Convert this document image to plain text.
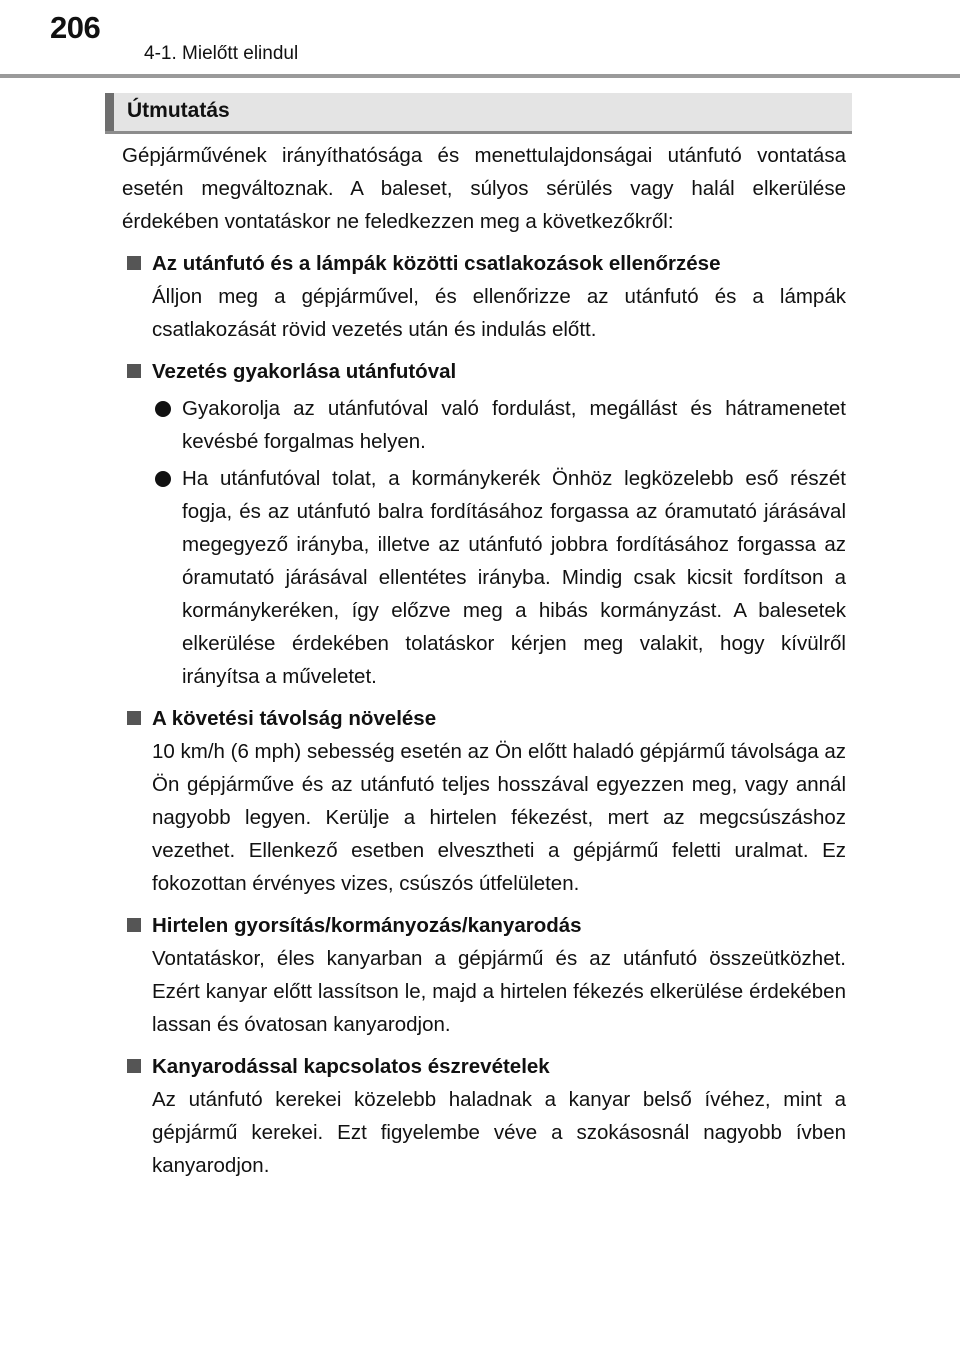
206
4-1. Mielőtt elindul
Útmutatás

Gépjárművének irányíthatósága és menettulajdonságai utánfutó vontatása esetén megváltoznak. A baleset, súlyos sérülés vagy halál elkerülése érdekében vontatáskor ne feledkezzen meg a következőkről:

Az utánfutó és a lámpák közötti csatlakozások ellenőrzése

Álljon meg a gépjárművel, és ellenőrizze az utánfutó és a lámpák csatlakozását rövid vezetés után és indulás előtt.

Vezetés gyakorlása utánfutóval

Gyakorolja az utánfutóval való fordulást, megállást és hátramenetet kevésbé forgalmas helyen.

Ha utánfutóval tolat, a kormánykerék Önhöz legközelebb eső részét fogja, és az utánfutó balra fordításához forgassa az óramutató járásával megegyező irányba, illetve az utánfutó jobbra fordításához forgassa az óramutató járásával ellentétes irányba. Mindig csak kicsit fordítson a kormánykeréken, így előzve meg a hibás kormányzást. A balesetek elkerülése érdekében tolatáskor kérjen meg valakit, hogy kívülről irányítsa a műveletet.

A követési távolság növelése

10 km/h (6 mph) sebesség esetén az Ön előtt haladó gépjármű távolsága az Ön gépjárműve és az utánfutó teljes hosszával egyezzen meg, vagy annál nagyobb legyen. Kerülje a hirtelen fékezést, mert az megcsúszáshoz vezethet. Ellenkező esetben elvesztheti a gépjármű feletti uralmat. Ez fokozottan érvényes vizes, csúszós útfelületen.

Hirtelen gyorsítás/kormányozás/kanyarodás

Vontatáskor, éles kanyarban a gépjármű és az utánfutó összeütközhet. Ezért kanyar előtt lassítson le, majd a hirtelen fékezés elkerülése érdekében lassan és óvatosan kanyarodjon.

Kanyarodással kapcsolatos észrevételek

Az utánfutó kerekei közelebb haladnak a kanyar belső ívéhez, mint a gépjármű kerekei. Ezt figyelembe véve a szokásosnál nagyobb ívben kanyarodjon.
